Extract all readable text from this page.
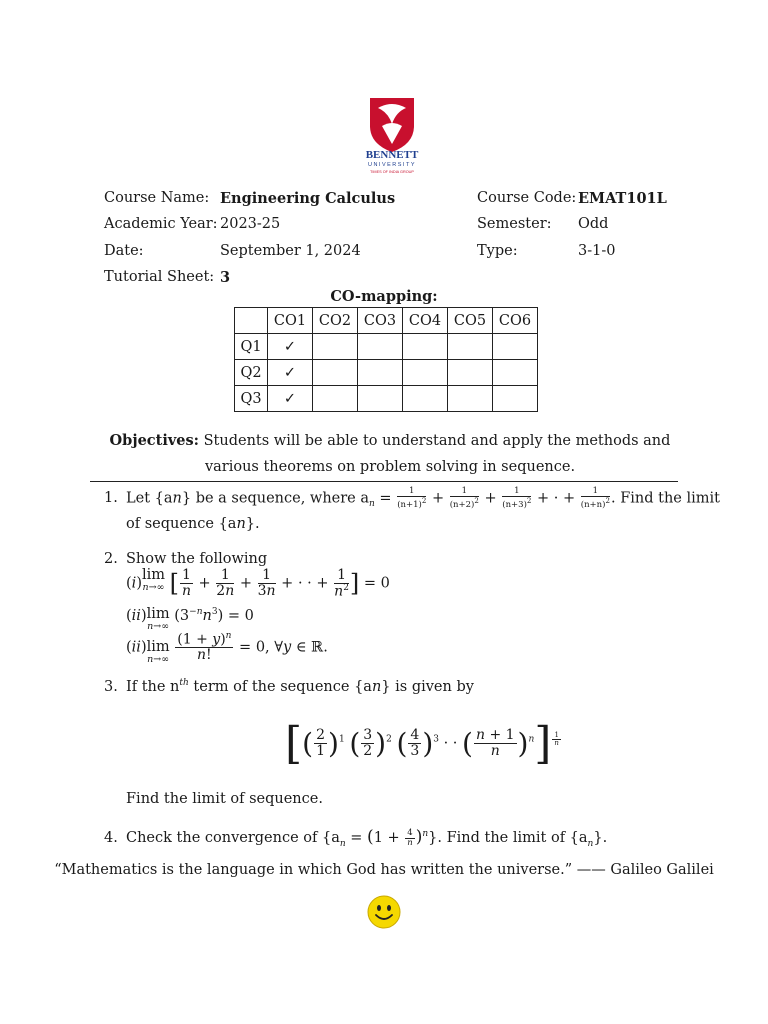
BENNETT
UNIVERSITY
TIMES OF INDIA GROUP
Course Name: Engineering Calculus	Course Code: EMAT101L
Academic Year: 2023-25	Semester: Odd
Date:	September 1, 2024	Type:	3-1-0
Tutorial Sheet: 3
CO-mapping:
	CO1	CO2	CO3	CO4	CO5	CO6
Q1	✓					
Q2	✓					
Q3	✓					
Objectives: Students will be able to understand and apply the methods and various theorems on problem solving in sequence.
1. Let {an} be a sequence, where $a_n = \frac{1}{(n+1)^2} + \frac{1}{(n+2)^2} + \frac{1}{(n+3)^2}$ + · + $\frac{1}{(n+n)^2}$ . Find the limit
of sequence {an}.
2. Show the following
(i)lim
n→∞ [ $\frac{1}{n} + \frac{1}{2n} + \frac{1}{3n}$ + · · + $\frac{1}{n^2}$ ] = 0
(ii)lim
n→∞
$(3^{-n}n^3) = 0$
(ii)lim
n→∞
$\frac{(1 + y)^n}{n!} = 0$, ∀y ∈ ℝ.
3. If the $n^{th}$ term of the sequence {an} is given by
[( $\frac{2}{1} )^1$ ( $\frac{3}{2} )^2$ ( $\frac{4}{3} )^3$ · · ( $\frac{n + 1}{n} )^n$] $^{\frac{1}{n}}$
Find the limit of sequence.
4. Check the convergence of $\{a_n = (1 + \frac{4}{n} )^n\}$. Find the limit of $\{a_n\}$.
“Mathematics is the language in which God has written the universe.” —— Galileo Galilei
